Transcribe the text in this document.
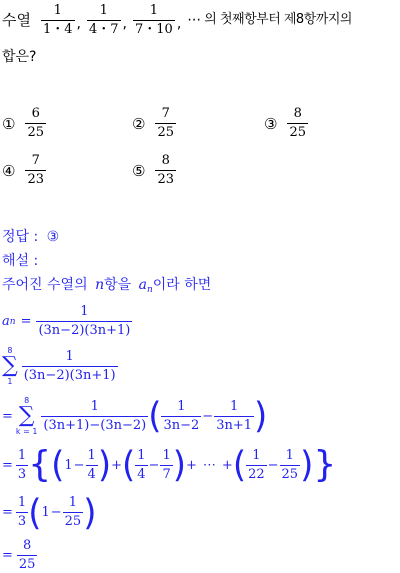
수열 $\frac{1}{1・4}$ , $\frac{1}{4・7}$ , $\frac{1}{7・10}$ , ⋯ 의 첫째항부터 제8항까지의
합은?
① $\frac{6}{25}$	② $\frac{7}{25}$	③ $\frac{8}{25}$
④ $\frac{7}{23}$	⑤ $\frac{8}{23}$
정답 : ③
해설 :
주어진 수열의 n항을 $a_n$이라 하면
a $n = \frac{1}{(3n-2)(3n+1)}$
8
∑
$1 \frac{1}{(3n-2)(3n+1)}$
=
8
∑
$k = 1 \frac{1}{(3n+1)-(3n-2)}$ ( $\frac{1}{3n-2} - \frac{1}{3n+1}$ )
= $\frac{1}{3}$ { ( $1 - \frac{1}{4}$ ) + ( $\frac{1}{4} - \frac{1}{7}$ ) + ⋯ + ( $\frac{1}{22} - \frac{1}{25}$ ) }
= $\frac{1}{3}$ ( $1 - \frac{1}{25}$ )
= $\frac{8}{25}$
